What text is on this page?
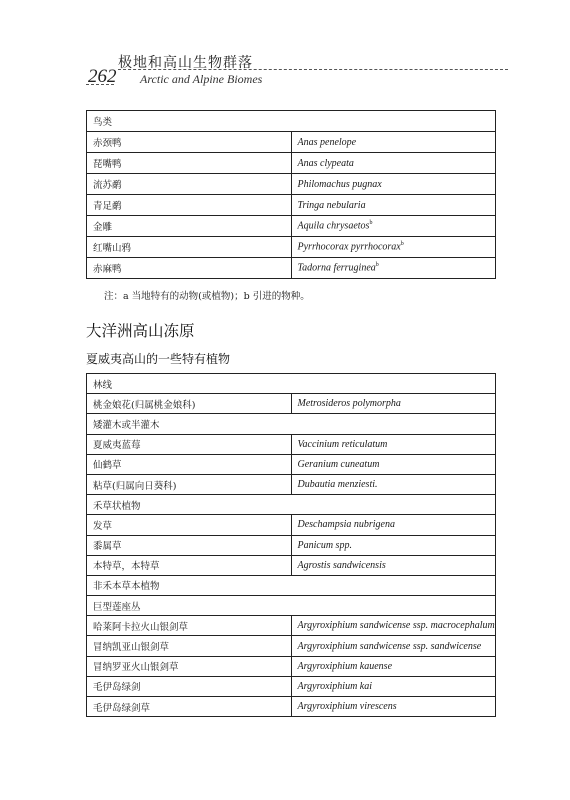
262
极地和高山生物群落
Arctic and Alpine Biomes
鸟类	
赤颈鸭	Anas penelope
琵嘴鸭	Anas clypeata
流苏鹬	Philomachus pugnax
青足鹬	Tringa nebularia
金雕	Aquila chrysaetos$^b$
红嘴山鸦	Pyrrhocorax pyrrhocorax$^b$
赤麻鸭	Tadorna ferruginea$^b$
注：a 当地特有的动物(或植物)；b 引进的物种。
大洋洲高山冻原
夏威夷高山的一些特有植物
林线	
桃金娘花(归属桃金娘科)	Metrosideros polymorpha
矮灌木或半灌木	
夏威夷蓝莓	Vaccinium reticulatum
仙鹤草	Geranium cuneatum
粘草(归属向日葵科)	Dubautia menziesti.
禾草状植物	
发草	Deschampsia nubrigena
黍属草	Panicum spp.
本特草，本特草	Agrostis sandwicensis
非禾本草本植物	
巨型莲座丛	
哈莱阿卡拉火山银剑草	Argyroxiphium sandwicense ssp. macrocephalum
冒纳凯亚山银剑草	Argyroxiphium sandwicense ssp. sandwicense
冒纳罗亚火山银剑草	Argyroxiphium kauense
毛伊岛绿剑	Argyroxiphium kai
毛伊岛绿剑草	Argyroxiphium virescens
